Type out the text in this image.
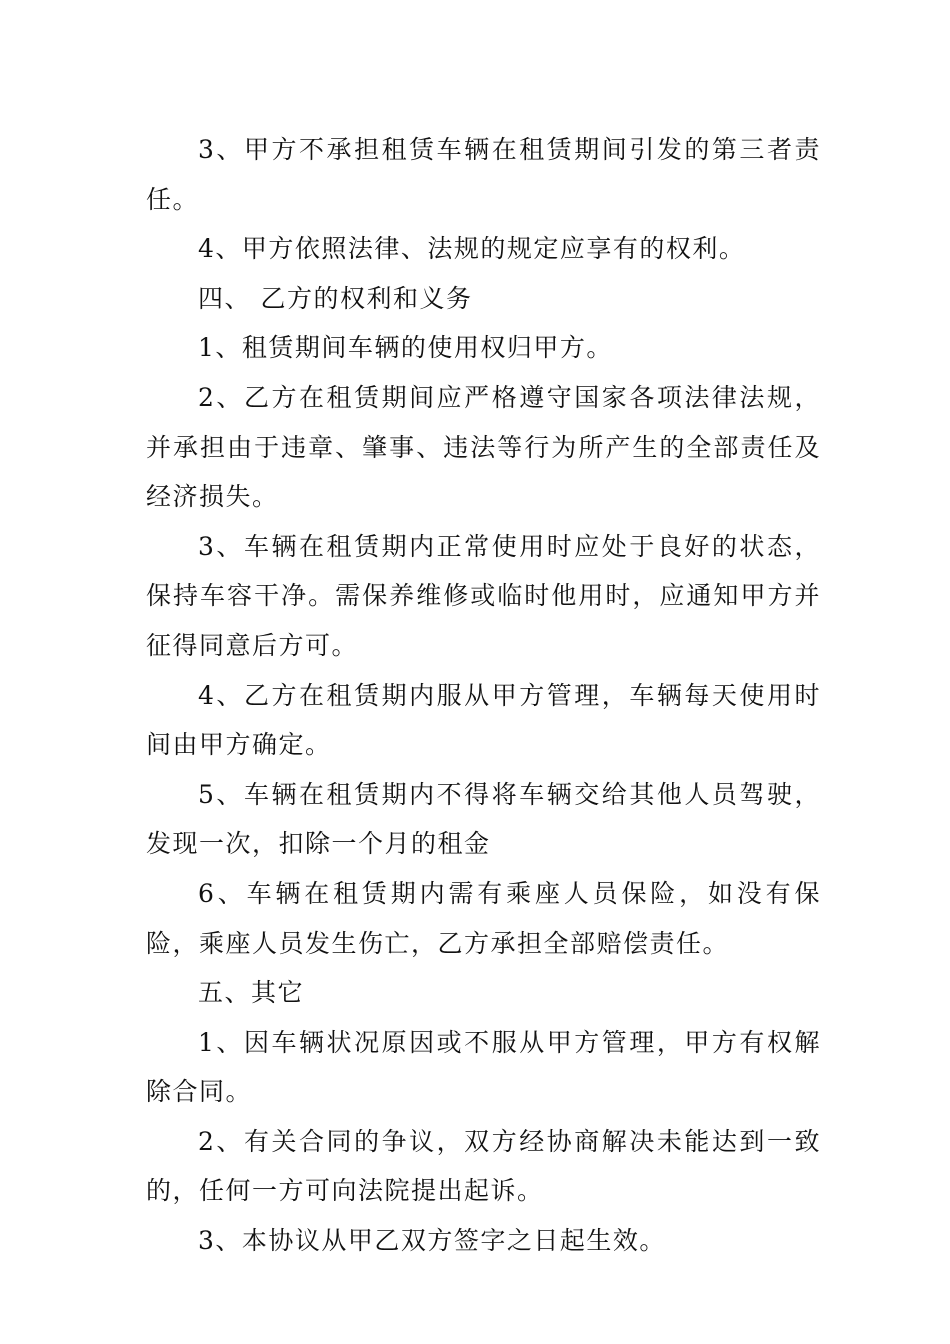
3、甲方不承担租赁车辆在租赁期间引发的第三者责任。

4、甲方依照法律、法规的规定应享有的权利。

四、 乙方的权利和义务

1、租赁期间车辆的使用权归甲方。

2、乙方在租赁期间应严格遵守国家各项法律法规，并承担由于违章、肇事、违法等行为所产生的全部责任及经济损失。

3、车辆在租赁期内正常使用时应处于良好的状态，保持车容干净。需保养维修或临时他用时，应通知甲方并征得同意后方可。

4、乙方在租赁期内服从甲方管理，车辆每天使用时间由甲方确定。

5、车辆在租赁期内不得将车辆交给其他人员驾驶，发现一次，扣除一个月的租金

6、车辆在租赁期内需有乘座人员保险，如没有保险，乘座人员发生伤亡，乙方承担全部赔偿责任。

五、其它

1、因车辆状况原因或不服从甲方管理，甲方有权解除合同。

2、有关合同的争议，双方经协商解决未能达到一致的，任何一方可向法院提出起诉。

3、本协议从甲乙双方签字之日起生效。
